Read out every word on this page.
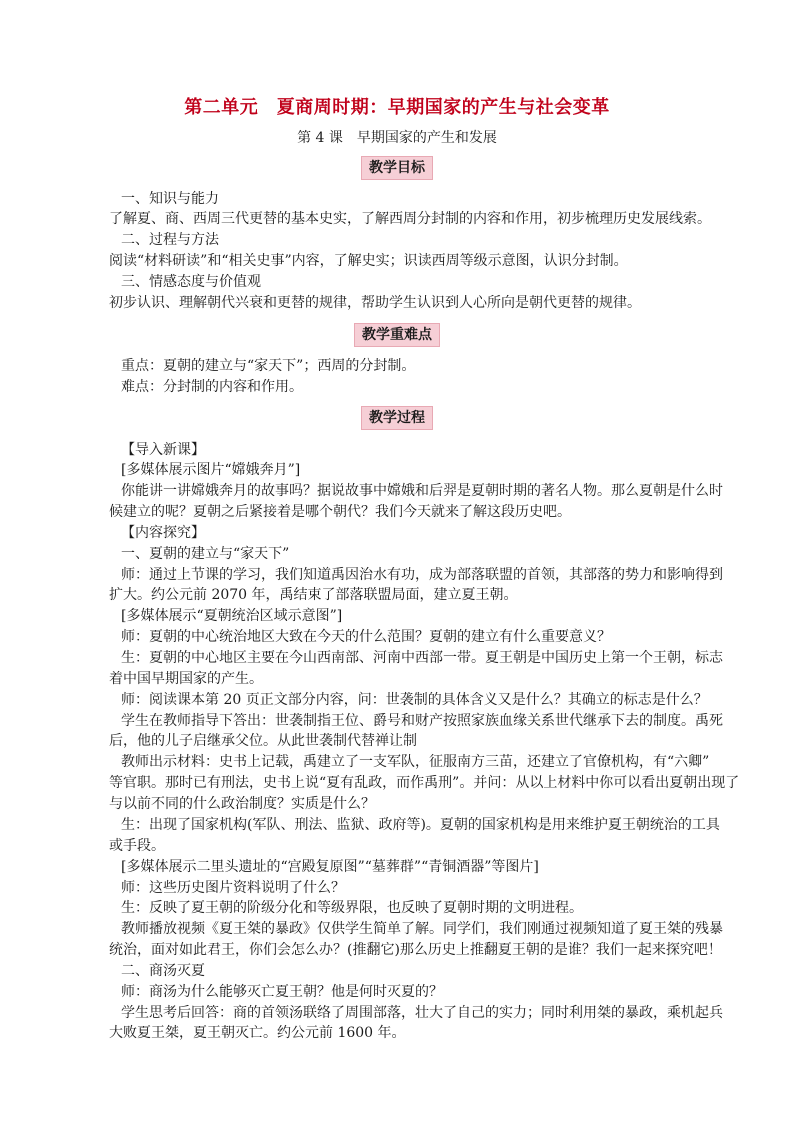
第二单元　夏商周时期：早期国家的产生与社会变革
第 4 课　早期国家的产生和发展
教学目标
一、知识与能力
了解夏、商、西周三代更替的基本史实，了解西周分封制的内容和作用，初步梳理历史发展线索。
二、过程与方法
阅读“材料研读”和“相关史事”内容，了解史实；识读西周等级示意图，认识分封制。
三、情感态度与价值观
初步认识、理解朝代兴衰和更替的规律，帮助学生认识到人心所向是朝代更替的规律。
教学重难点
重点：夏朝的建立与“家天下”；西周的分封制。
难点：分封制的内容和作用。
教学过程
【导入新课】
[多媒体展示图片“嫦娥奔月”]
你能讲一讲嫦娥奔月的故事吗？据说故事中嫦娥和后羿是夏朝时期的著名人物。那么夏朝是什么时
候建立的呢？夏朝之后紧接着是哪个朝代？我们今天就来了解这段历史吧。
【内容探究】
一、夏朝的建立与“家天下”
师：通过上节课的学习，我们知道禹因治水有功，成为部落联盟的首领，其部落的势力和影响得到
扩大。约公元前 2070 年，禹结束了部落联盟局面，建立夏王朝。
[多媒体展示“夏朝统治区域示意图”]
师：夏朝的中心统治地区大致在今天的什么范围？夏朝的建立有什么重要意义？
生：夏朝的中心地区主要在今山西南部、河南中西部一带。夏王朝是中国历史上第一个王朝，标志
着中国早期国家的产生。
师：阅读课本第 20 页正文部分内容，问：世袭制的具体含义又是什么？其确立的标志是什么？
学生在教师指导下答出：世袭制指王位、爵号和财产按照家族血缘关系世代继承下去的制度。禹死
后，他的儿子启继承父位。从此世袭制代替禅让制
教师出示材料：史书上记载，禹建立了一支军队，征服南方三苗，还建立了官僚机构，有“六卿”
等官职。那时已有刑法，史书上说“夏有乱政，而作禹刑”。并问：从以上材料中你可以看出夏朝出现了
与以前不同的什么政治制度？实质是什么？
生：出现了国家机构(军队、刑法、监狱、政府等)。夏朝的国家机构是用来维护夏王朝统治的工具
或手段。
[多媒体展示二里头遗址的“宫殿复原图”“墓葬群”“青铜酒器”等图片]
师：这些历史图片资料说明了什么？
生：反映了夏王朝的阶级分化和等级界限，也反映了夏朝时期的文明进程。
教师播放视频《夏王桀的暴政》仅供学生简单了解。同学们，我们刚通过视频知道了夏王桀的残暴
统治，面对如此君王，你们会怎么办？(推翻它)那么历史上推翻夏王朝的是谁？我们一起来探究吧！
二、商汤灭夏
师：商汤为什么能够灭亡夏王朝？他是何时灭夏的？
学生思考后回答：商的首领汤联络了周围部落，壮大了自己的实力；同时利用桀的暴政，乘机起兵
大败夏王桀，夏王朝灭亡。约公元前 1600 年。
